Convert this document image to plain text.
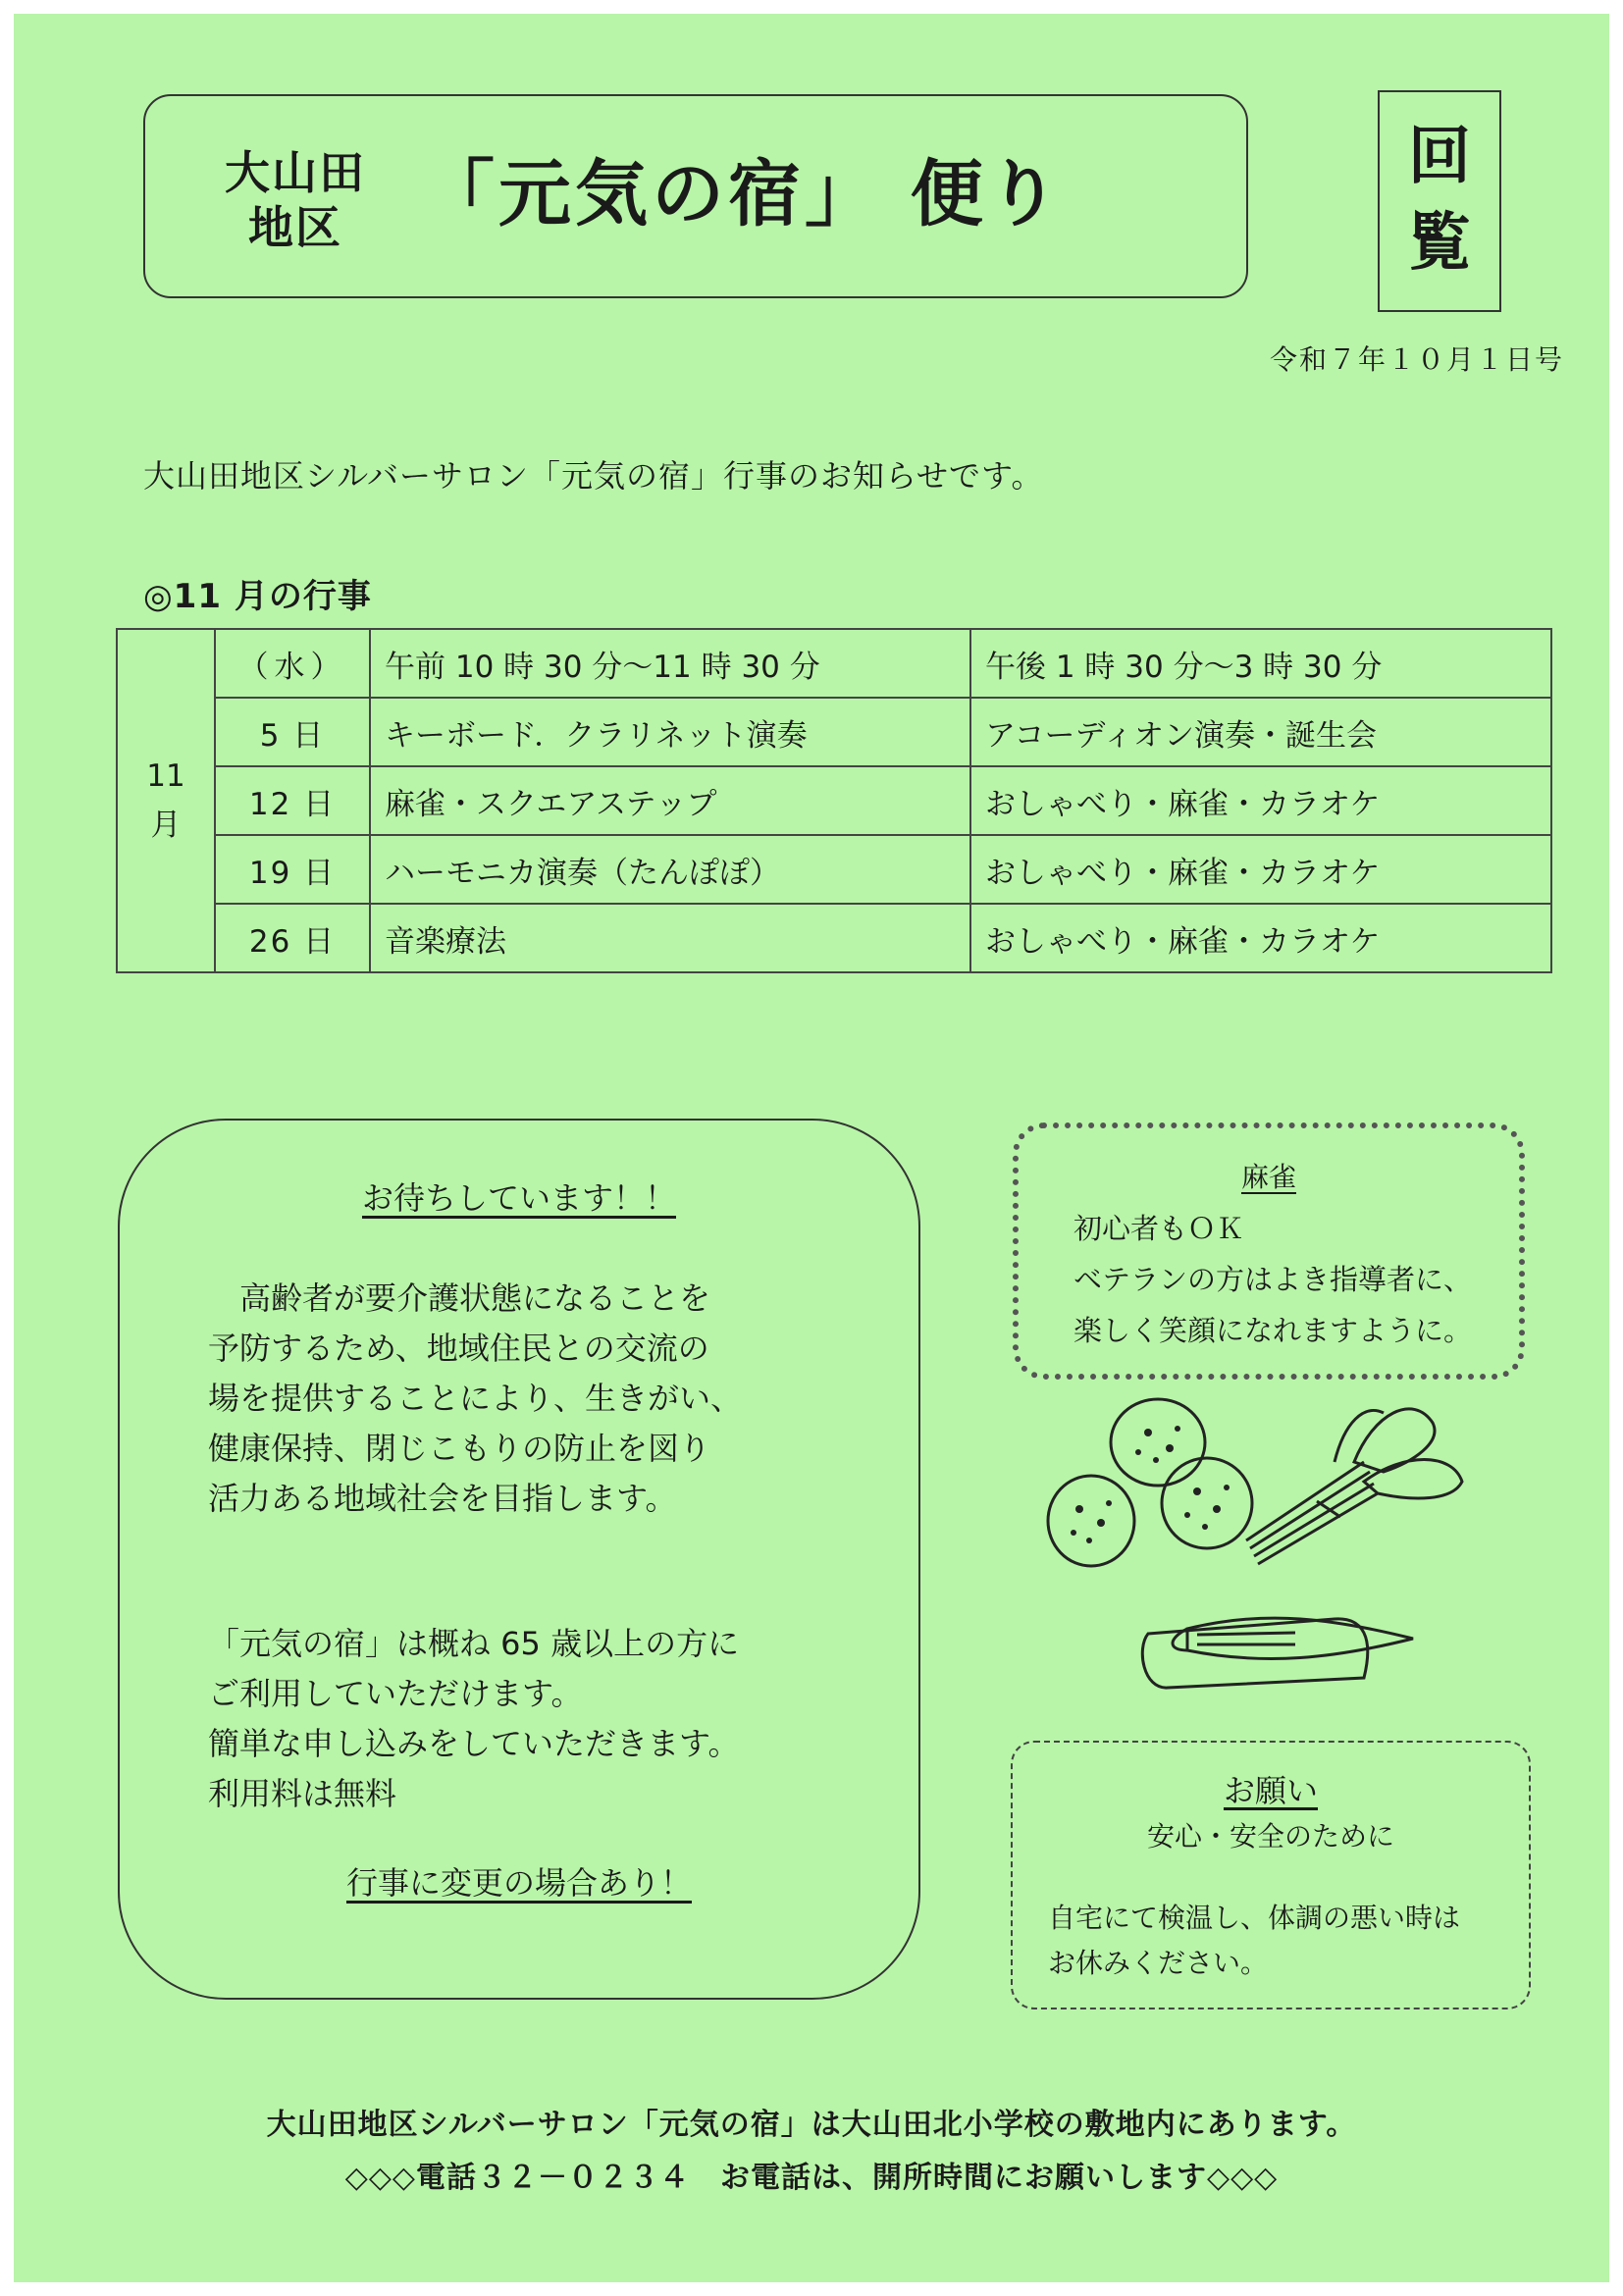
大山田
地区	「元気の宿」 便り	回
覧
令和７年１０月１日号
大山田地区シルバーサロン「元気の宿」行事のお知らせです。
◎11 月の行事
11
月	（水）	午前 10 時 30 分～11 時 30 分	午後 1 時 30 分～3 時 30 分
	5 日	キーボード．クラリネット演奏	アコーディオン演奏・誕生会
	12 日	麻雀・スクエアステップ	おしゃべり・麻雀・カラオケ
	19 日	ハーモニカ演奏（たんぽぽ）	おしゃべり・麻雀・カラオケ
	26 日	音楽療法	おしゃべり・麻雀・カラオケ
お待ちしています！！

　高齢者が要介護状態になることを

予防するため、地域住民との交流の

場を提供することにより、生きがい、

健康保持、閉じこもりの防止を図り

活力ある地域社会を目指します。

「元気の宿」は概ね 65 歳以上の方に

ご利用していただけます。

簡単な申し込みをしていただきます。

利用料は無料

行事に変更の場合あり！
麻雀

初心者もＯＫ

ベテランの方はよき指導者に、

楽しく笑顔になれますように。

お願い
安心・安全のために

自宅にて検温し、体調の悪い時は

お休みください。

大山田地区シルバーサロン「元気の宿」は大山田北小学校の敷地内にあります。
◇◇◇電話３２－０２３４　お電話は、開所時間にお願いします◇◇◇
